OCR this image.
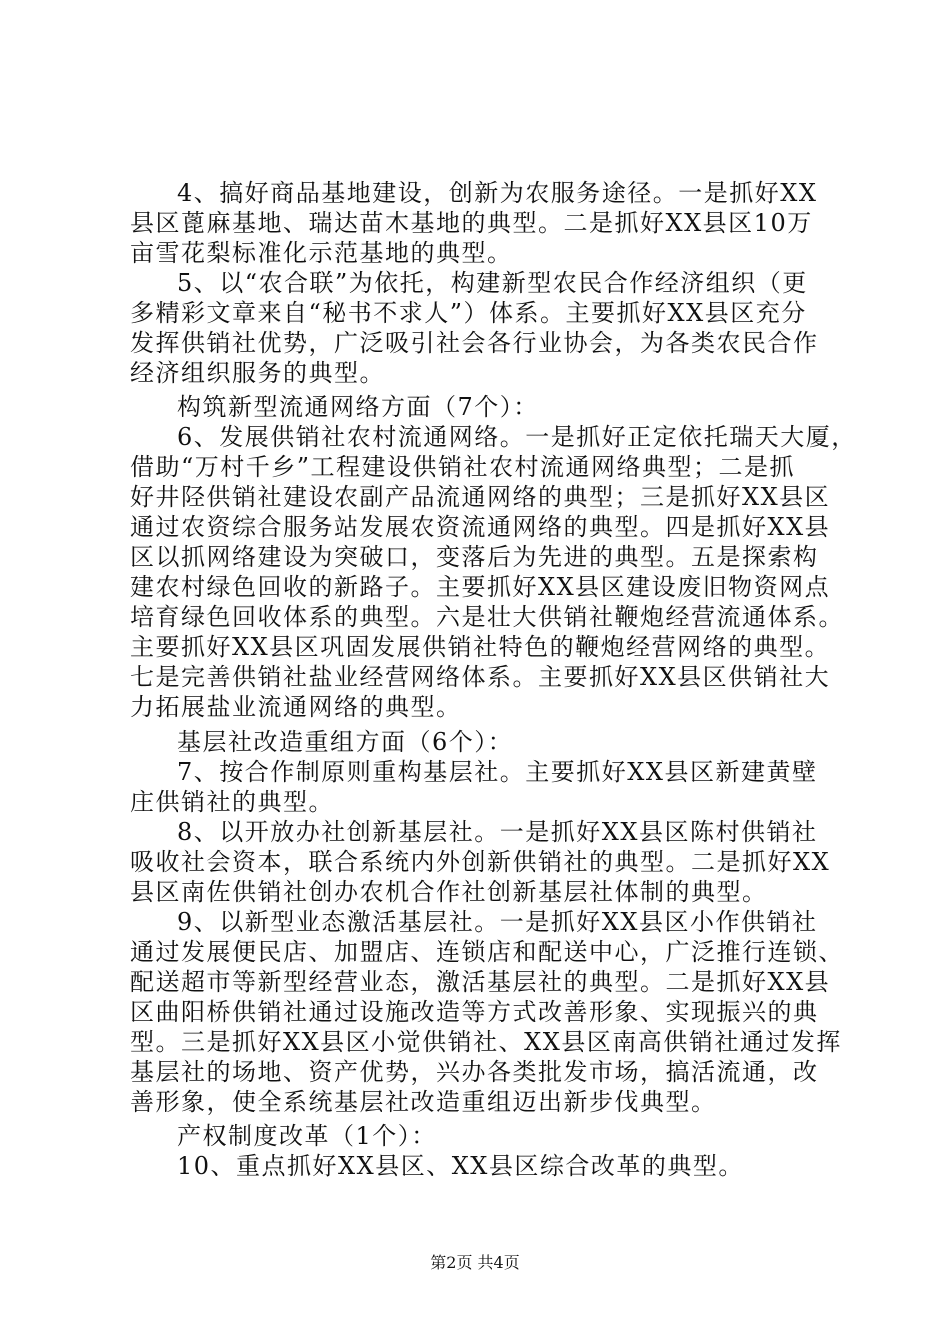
4、搞好商品基地建设，创新为农服务途径。一是抓好XX
县区蓖麻基地、瑞达苗木基地的典型。二是抓好XX县区10万
亩雪花梨标准化示范基地的典型。
5、以“农合联”为依托，构建新型农民合作经济组织（更
多精彩文章来自“秘书不求人”）体系。主要抓好XX县区充分
发挥供销社优势，广泛吸引社会各行业协会，为各类农民合作
经济组织服务的典型。
构筑新型流通网络方面（7个）：
6、发展供销社农村流通网络。一是抓好正定依托瑞天大厦，
借助“万村千乡”工程建设供销社农村流通网络典型；二是抓
好井陉供销社建设农副产品流通网络的典型；三是抓好XX县区
通过农资综合服务站发展农资流通网络的典型。四是抓好XX县
区以抓网络建设为突破口，变落后为先进的典型。五是探索构
建农村绿色回收的新路子。主要抓好XX县区建设废旧物资网点
培育绿色回收体系的典型。六是壮大供销社鞭炮经营流通体系。
主要抓好XX县区巩固发展供销社特色的鞭炮经营网络的典型。
七是完善供销社盐业经营网络体系。主要抓好XX县区供销社大
力拓展盐业流通网络的典型。
基层社改造重组方面（6个）：
7、按合作制原则重构基层社。主要抓好XX县区新建黄壁
庄供销社的典型。
8、以开放办社创新基层社。一是抓好XX县区陈村供销社
吸收社会资本，联合系统内外创新供销社的典型。二是抓好XX
县区南佐供销社创办农机合作社创新基层社体制的典型。
9、以新型业态激活基层社。一是抓好XX县区小作供销社
通过发展便民店、加盟店、连锁店和配送中心，广泛推行连锁、
配送超市等新型经营业态，激活基层社的典型。二是抓好XX县
区曲阳桥供销社通过设施改造等方式改善形象、实现振兴的典
型。三是抓好XX县区小觉供销社、XX县区南高供销社通过发挥
基层社的场地、资产优势，兴办各类批发市场，搞活流通，改
善形象，使全系统基层社改造重组迈出新步伐典型。
产权制度改革（1个）：
10、重点抓好XX县区、XX县区综合改革的典型。
第2页 共4页
